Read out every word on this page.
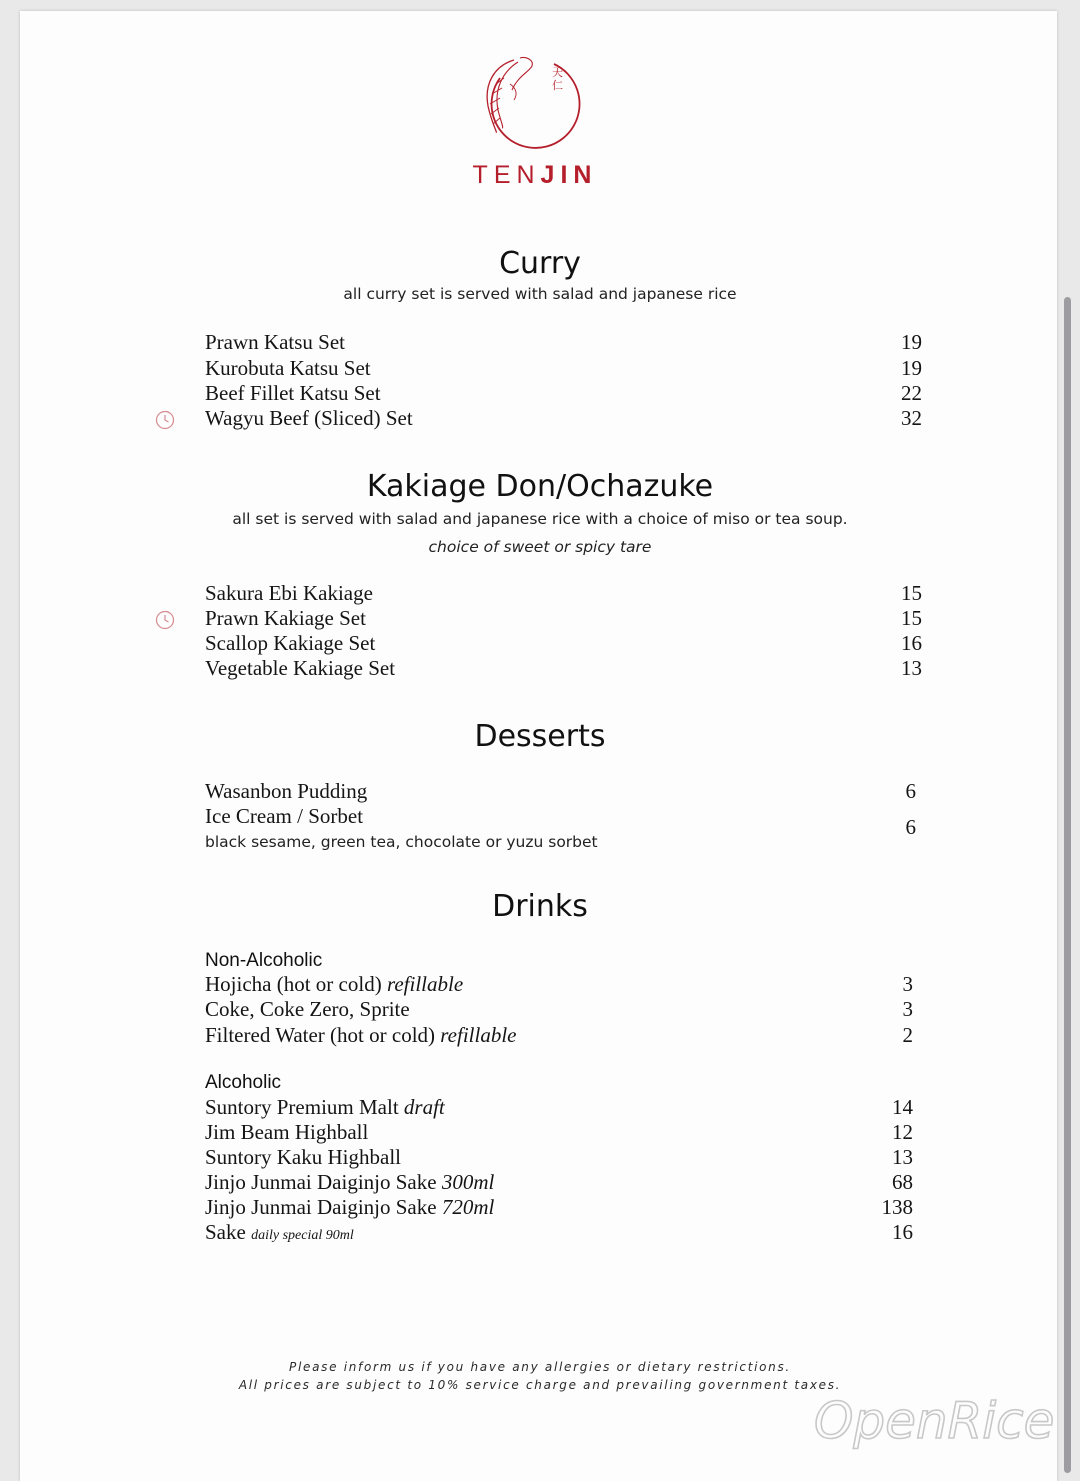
天
仁
TENJIN
Curry
all curry set is served with salad and japanese rice
Prawn Katsu Set	19
Kurobuta Katsu Set	19
Beef Fillet Katsu Set	22
Wagyu Beef (Sliced) Set	32
Kakiage Don/Ochazuke
all set is served with salad and japanese rice with a choice of miso or tea soup.
choice of sweet or spicy tare
Sakura Ebi Kakiage	15
Prawn Kakiage Set	15
Scallop Kakiage Set	16
Vegetable Kakiage Set	13
Desserts
Wasanbon Pudding	6
Ice Cream / Sorbet	6
black sesame, green tea, chocolate or yuzu sorbet
Drinks
Non-Alcoholic
Hojicha (hot or cold) refillable	3
Coke, Coke Zero, Sprite	3
Filtered Water (hot or cold) refillable	2
Alcoholic
Suntory Premium Malt draft	14
Jim Beam Highball	12
Suntory Kaku Highball	13
Jinjo Junmai Daiginjo Sake 300ml	68
Jinjo Junmai Daiginjo Sake 720ml	138
Sake daily special 90ml	16
Please inform us if you have any allergies or dietary restrictions.
All prices are subject to 10% service charge and prevailing government taxes.
OpenRice
